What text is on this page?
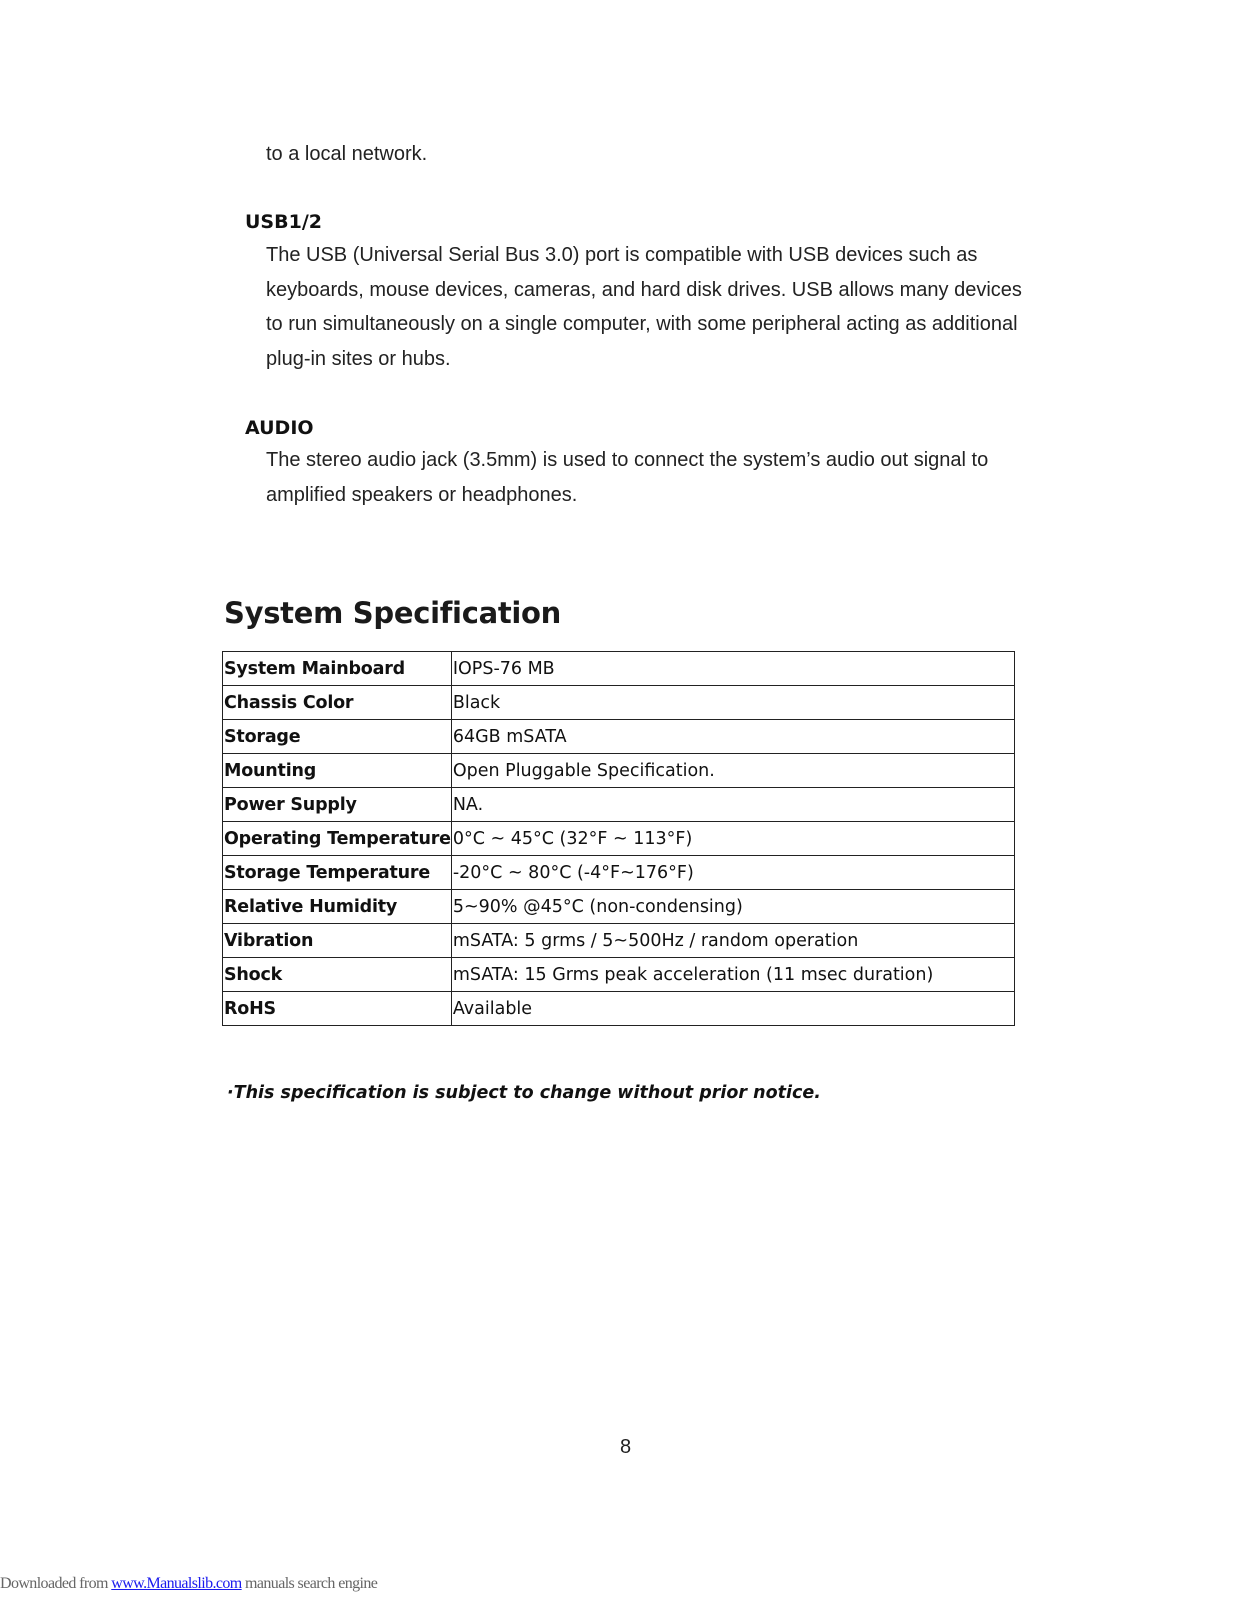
to a local network.

USB1/2

The USB (Universal Serial Bus 3.0) port is compatible with USB devices such as keyboards, mouse devices, cameras, and hard disk drives. USB allows many devices to run simultaneously on a single computer, with some peripheral acting as additional plug-in sites or hubs.

AUDIO

The stereo audio jack (3.5mm) is used to connect the system’s audio out signal to amplified speakers or headphones.

System Specification
System Mainboard	IOPS-76 MB
Chassis Color	Black
Storage	64GB mSATA
Mounting	Open Pluggable Specification.
Power Supply	NA.
Operating Temperature	0°C ~ 45°C (32°F ~ 113°F)
Storage Temperature	-20°C ~ 80°C (-4°F~176°F)
Relative Humidity	5~90% @45°C (non-condensing)
Vibration	mSATA: 5 grms / 5~500Hz / random operation
Shock	mSATA: 15 Grms peak acceleration (11 msec duration)
RoHS	Available

·This specification is subject to change without prior notice.

8

Downloaded from www.Manualslib.com manuals search engine
